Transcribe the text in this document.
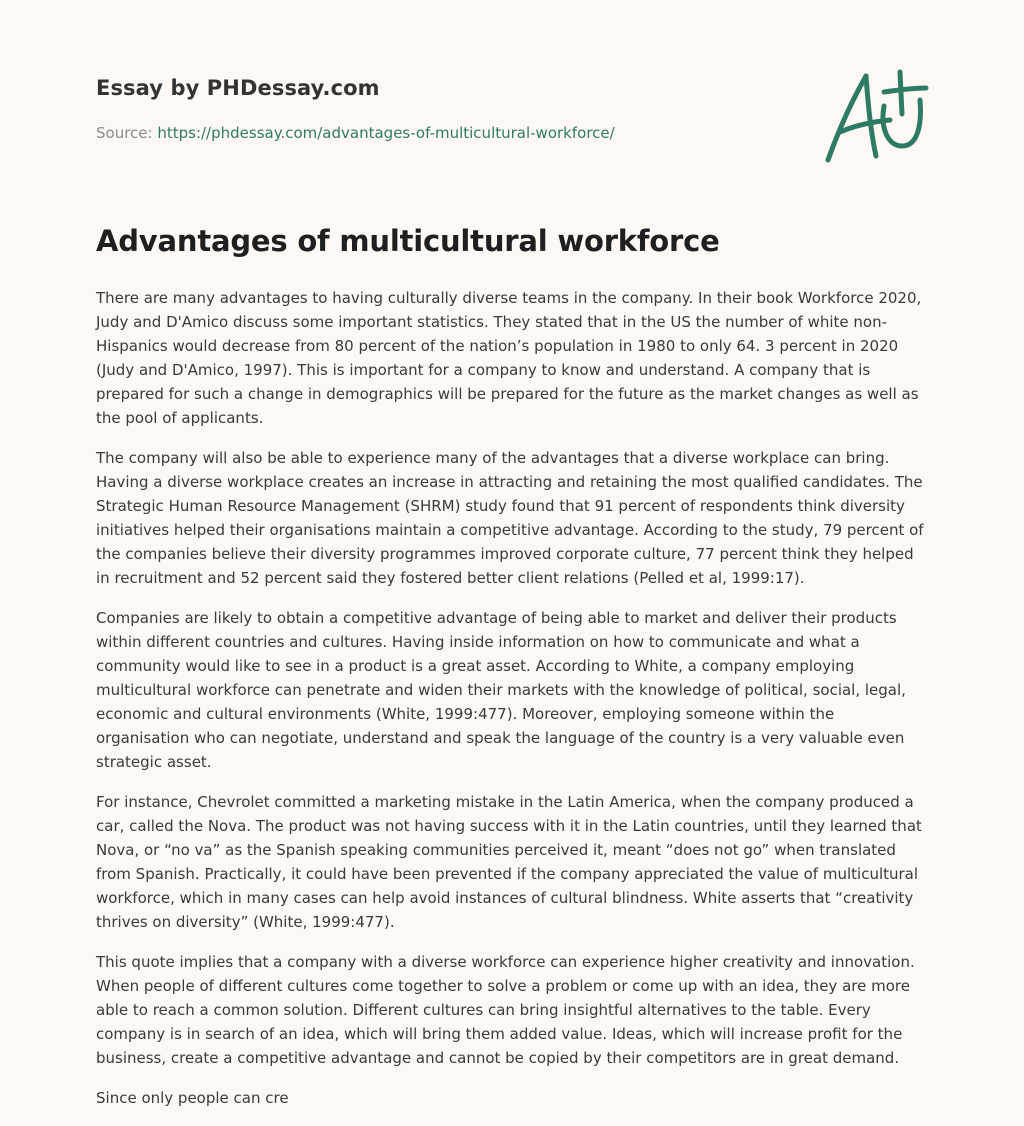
Essay by PHDessay.com
Source: https://phdessay.com/advantages-of-multicultural-workforce/
Advantages of multicultural workforce

There are many advantages to having culturally diverse teams in the company. In their book Workforce 2020, Judy and D'Amico discuss some important statistics. They stated that in the US the number of white non-Hispanics would decrease from 80 percent of the nation’s population in 1980 to only 64. 3 percent in 2020 (Judy and D'Amico, 1997). This is important for a company to know and understand. A company that is prepared for such a change in demographics will be prepared for the future as the market changes as well as the pool of applicants.

The company will also be able to experience many of the advantages that a diverse workplace can bring. Having a diverse workplace creates an increase in attracting and retaining the most qualified candidates. The Strategic Human Resource Management (SHRM) study found that 91 percent of respondents think diversity initiatives helped their organisations maintain a competitive advantage. According to the study, 79 percent of the companies believe their diversity programmes improved corporate culture, 77 percent think they helped in recruitment and 52 percent said they fostered better client relations (Pelled et al, 1999:17).

Companies are likely to obtain a competitive advantage of being able to market and deliver their products within different countries and cultures. Having inside information on how to communicate and what a community would like to see in a product is a great asset. According to White, a company employing multicultural workforce can penetrate and widen their markets with the knowledge of political, social, legal, economic and cultural environments (White, 1999:477). Moreover, employing someone within the organisation who can negotiate, understand and speak the language of the country is a very valuable even strategic asset.

For instance, Chevrolet committed a marketing mistake in the Latin America, when the company produced a car, called the Nova. The product was not having success with it in the Latin countries, until they learned that Nova, or “no va” as the Spanish speaking communities perceived it, meant “does not go” when translated from Spanish. Practically, it could have been prevented if the company appreciated the value of multicultural workforce, which in many cases can help avoid instances of cultural blindness. White asserts that “creativity thrives on diversity” (White, 1999:477).

This quote implies that a company with a diverse workforce can experience higher creativity and innovation. When people of different cultures come together to solve a problem or come up with an idea, they are more able to reach a common solution. Different cultures can bring insightful alternatives to the table. Every company is in search of an idea, which will bring them added value. Ideas, which will increase profit for the business, create a competitive advantage and cannot be copied by their competitors are in great demand.

Since only people can cre
